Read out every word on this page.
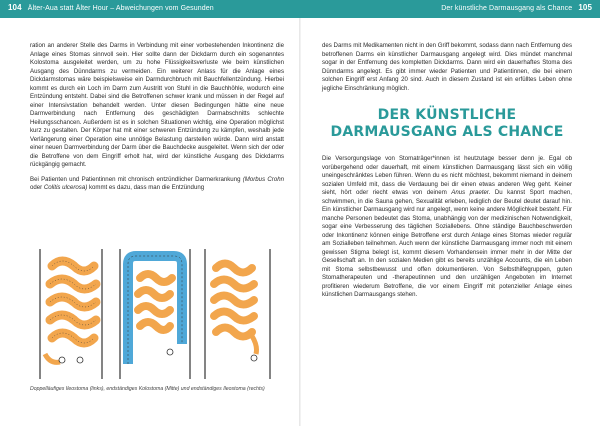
104 Älter-Aua statt Älter Hour – Abweichungen vom Gesunden	Der künstliche Darmausgang als Chance 105

ration an anderer Stelle des Darms in Verbindung mit einer vorbestehenden Inkontinenz die Anlage eines Stomas sinnvoll sein. Hier sollte dann der Dickdarm durch ein sogenanntes Kolostoma ausgeleitet werden, um zu hohe Flüssigkeitsverluste wie beim künstlichen Ausgang des Dünndarms zu vermeiden. Ein weiterer Anlass für die Anlage eines Dickdarmstomas wäre beispielsweise ein Darmdurchbruch mit Bauchfellentzündung. Hierbei kommt es durch ein Loch im Darm zum Austritt von Stuhl in die Bauchhöhle, wodurch eine Entzündung entsteht. Dabei sind die Betroffenen schwer krank und müssen in der Regel auf einer Intensivstation behandelt werden. Unter diesen Bedingungen hätte eine neue Darmverbindung nach Entfernung des geschädigten Darmabschnitts schlechte Heilungsschancen. Außerdem ist es in solchen Situationen wichtig, eine Operation möglichst kurz zu gestalten. Der Körper hat mit einer schweren Entzündung zu kämpfen, weshalb jede Verlängerung einer Operation eine unnötige Belastung darstellen würde. Dann wird anstatt einer neuen Darmverbindung der Darm über die Bauchdecke ausgeleitet. Wenn sich der oder die Betroffene von dem Eingriff erholt hat, wird der künstliche Ausgang des Dickdarms rückgängig gemacht.

Bei Patienten und Patientinnen mit chronisch entzündlicher Darmerkrankung (Morbus Crohn oder Colitis ulcerosa) kommt es dazu, dass man die Entzündung

Doppelläufiges Ileostoma (links), endständiges Kolostoma (Mitte) und endständiges Ileostoma (rechts)

des Darms mit Medikamenten nicht in den Griff bekommt, sodass dann nach Entfernung des betroffenen Darms ein künstlicher Darmausgang angelegt wird. Dies mündet manchmal sogar in der Entfernung des kompletten Dickdarms. Dann wird ein dauerhaftes Stoma des Dünndarms angelegt. Es gibt immer wieder Patienten und Patientinnen, die bei einem solchen Eingriff erst Anfang 20 sind. Auch in diesem Zustand ist ein erfülltes Leben ohne jegliche Einschränkung möglich.

DER KÜNSTLICHE DARMAUSGANG ALS CHANCE

Die Versorgungslage von Stomaträger*innen ist heutzutage besser denn je. Egal ob vorübergehend oder dauerhaft, mit einem künstlichen Darmausgang lässt sich ein völlig uneingeschränktes Leben führen. Wenn du es nicht möchtest, bekommt niemand in deinem sozialen Umfeld mit, dass die Verdauung bei dir einen etwas anderen Weg geht. Keiner sieht, hört oder riecht etwas von deinem Anus praeter. Du kannst Sport machen, schwimmen, in die Sauna gehen, Sexualität erleben, lediglich der Beutel deutet darauf hin. Ein künstlicher Darmausgang wird nur angelegt, wenn keine andere Möglichkeit besteht. Für manche Personen bedeutet das Stoma, unabhängig von der medizinischen Notwendigkeit, sogar eine Verbesserung des täglichen Soziallebens. Ohne ständige Bauchbeschwerden oder Inkontinenz können einige Betroffene erst durch Anlage eines Stomas wieder regulär am Sozialleben teilnehmen. Auch wenn der künstliche Darmausgang immer noch mit einem gewissen Stigma belegt ist, kommt diesem Vorhandensein immer mehr in der Mitte der Gesellschaft an. In den sozialen Medien gibt es bereits unzählige Accounts, die ein Leben mit Stoma selbstbewusst und offen dokumentieren. Von Selbsthilfegruppen, guten Stomatherapeuten und -therapeutinnen und den unzähligen Angeboten im Internet profitieren wiederum Betroffene, die vor einem Eingriff mit potenzieller Anlage eines künstlichen Darmausgangs stehen.
